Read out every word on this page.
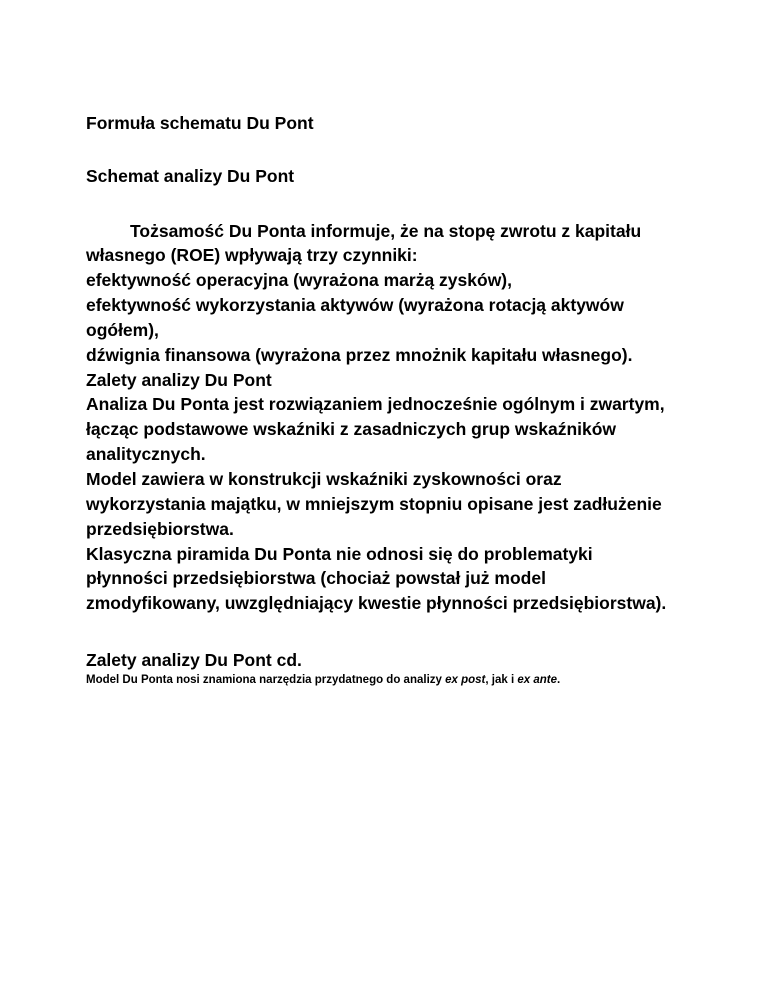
Formuła schematu Du Pont

Schemat analizy Du Pont

Tożsamość Du Ponta informuje, że na stopę zwrotu z kapitału własnego (ROE) wpływają trzy czynniki:

efektywność operacyjna (wyrażona marżą zysków),

efektywność wykorzystania aktywów (wyrażona rotacją aktywów ogółem),

dźwignia finansowa (wyrażona przez mnożnik kapitału własnego).

Zalety analizy Du Pont

Analiza Du Ponta jest rozwiązaniem jednocześnie ogólnym i zwartym, łącząc podstawowe wskaźniki z zasadniczych grup wskaźników analitycznych.

Model zawiera w konstrukcji wskaźniki zyskowności oraz wykorzystania majątku, w mniejszym stopniu opisane jest zadłużenie przedsiębiorstwa.

Klasyczna piramida Du Ponta nie odnosi się do problematyki płynności przedsiębiorstwa (chociaż powstał już model zmodyfikowany, uwzględniający kwestie płynności przedsiębiorstwa).

Zalety analizy Du Pont cd.

Model Du Ponta nosi znamiona narzędzia przydatnego do analizy ex post, jak i ex ante.
